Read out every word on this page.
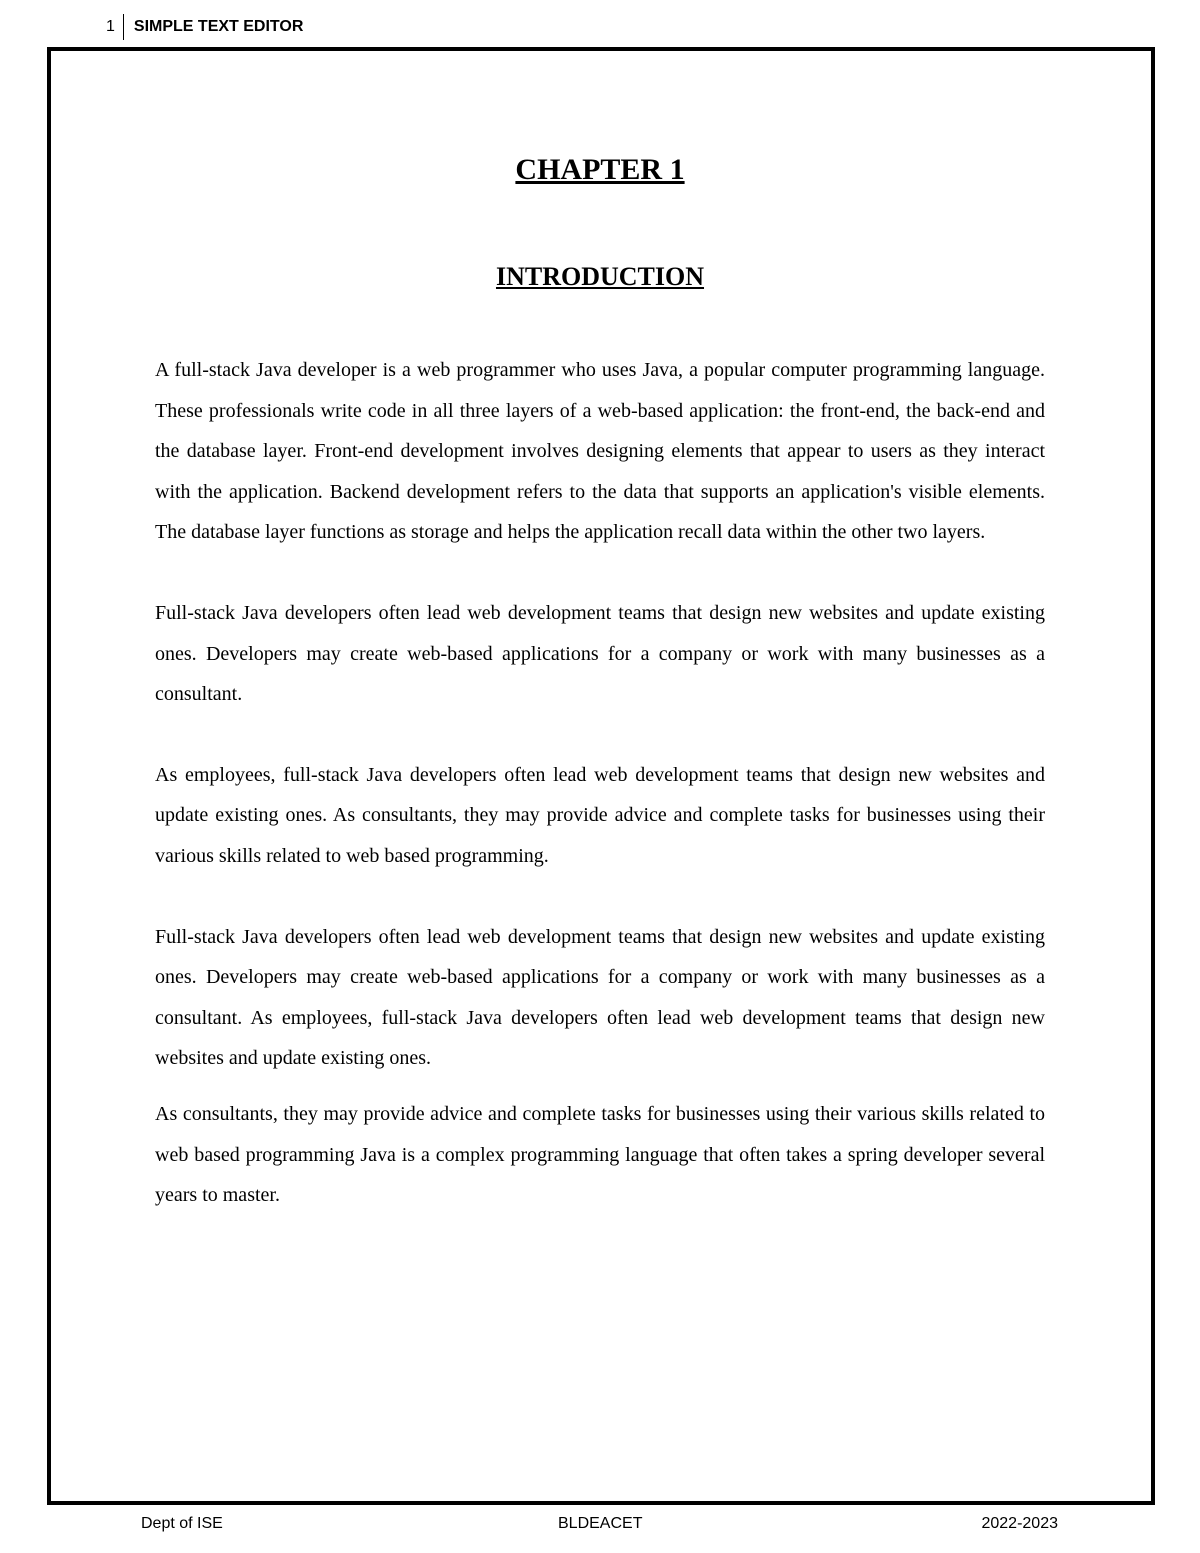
1	SIMPLE TEXT EDITOR
CHAPTER 1
INTRODUCTION

A full-stack Java developer is a web programmer who uses Java, a popular computer programming language. These professionals write code in all three layers of a web-based application: the front-end, the back-end and the database layer. Front-end development involves designing elements that appear to users as they interact with the application. Backend development refers to the data that supports an application's visible elements. The database layer functions as storage and helps the application recall data within the other two layers.

Full-stack Java developers often lead web development teams that design new websites and update existing ones. Developers may create web-based applications for a company or work with many businesses as a consultant.

As employees, full-stack Java developers often lead web development teams that design new websites and update existing ones. As consultants, they may provide advice and complete tasks for businesses using their various skills related to web based programming.

Full-stack Java developers often lead web development teams that design new websites and update existing ones. Developers may create web-based applications for a company or work with many businesses as a consultant. As employees, full-stack Java developers often lead web development teams that design new websites and update existing ones.

As consultants, they may provide advice and complete tasks for businesses using their various skills related to web based programming Java is a complex programming language that often takes a spring developer several years to master.

Dept of ISE	BLDEACET	2022-2023
